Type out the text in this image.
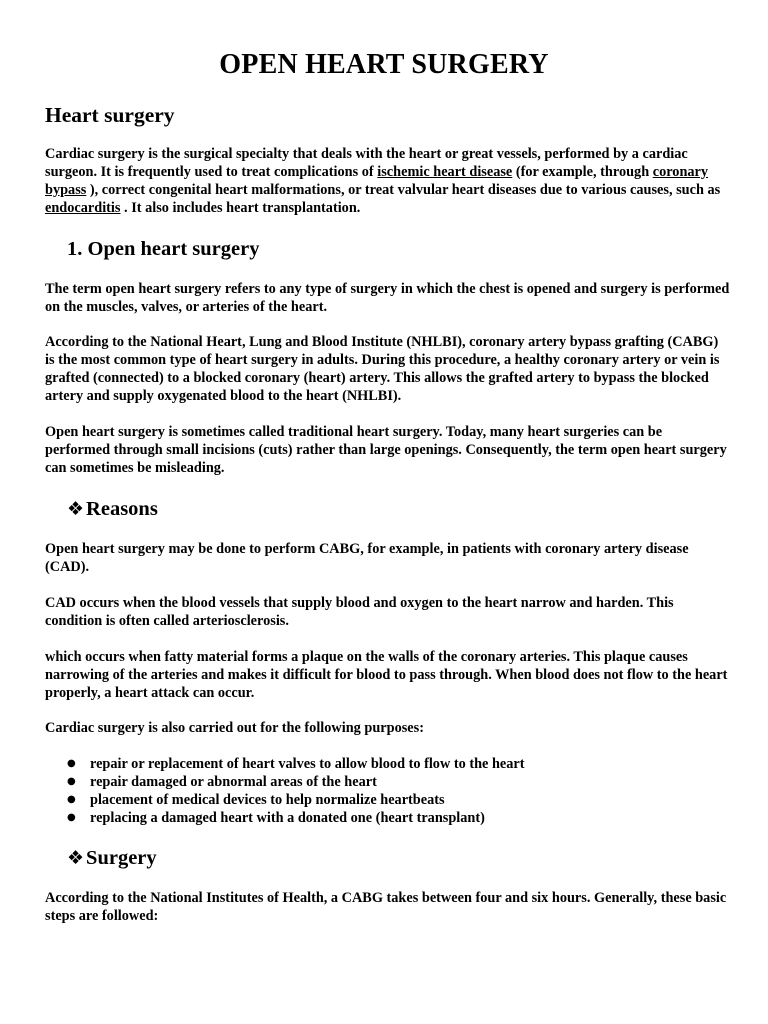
OPEN HEART SURGERY
Heart surgery
Cardiac surgery is the surgical specialty that deals with the heart or great vessels, performed by a cardiac surgeon. It is frequently used to treat complications of ischemic heart disease (for example, through coronary bypass ), correct congenital heart malformations, or treat valvular heart diseases due to various causes, such as endocarditis . It also includes heart transplantation.
1. Open heart surgery
The term open heart surgery refers to any type of surgery in which the chest is opened and surgery is performed on the muscles, valves, or arteries of the heart.
According to the National Heart, Lung and Blood Institute (NHLBI), coronary artery bypass grafting (CABG) is the most common type of heart surgery in adults. During this procedure, a healthy coronary artery or vein is grafted (connected) to a blocked coronary (heart) artery. This allows the grafted artery to bypass the blocked artery and supply oxygenated blood to the heart (NHLBI).
Open heart surgery is sometimes called traditional heart surgery. Today, many heart surgeries can be performed through small incisions (cuts) rather than large openings. Consequently, the term open heart surgery can sometimes be misleading.
❖Reasons
Open heart surgery may be done to perform CABG, for example, in patients with coronary artery disease (CAD).
CAD occurs when the blood vessels that supply blood and oxygen to the heart narrow and harden. This condition is often called arteriosclerosis.
which occurs when fatty material forms a plaque on the walls of the coronary arteries. This plaque causes narrowing of the arteries and makes it difficult for blood to pass through. When blood does not flow to the heart properly, a heart attack can occur.
Cardiac surgery is also carried out for the following purposes:
● repair or replacement of heart valves to allow blood to flow to the heart
● repair damaged or abnormal areas of the heart
● placement of medical devices to help normalize heartbeats
● replacing a damaged heart with a donated one (heart transplant)
❖Surgery
According to the National Institutes of Health, a CABG takes between four and six hours. Generally, these basic steps are followed:
